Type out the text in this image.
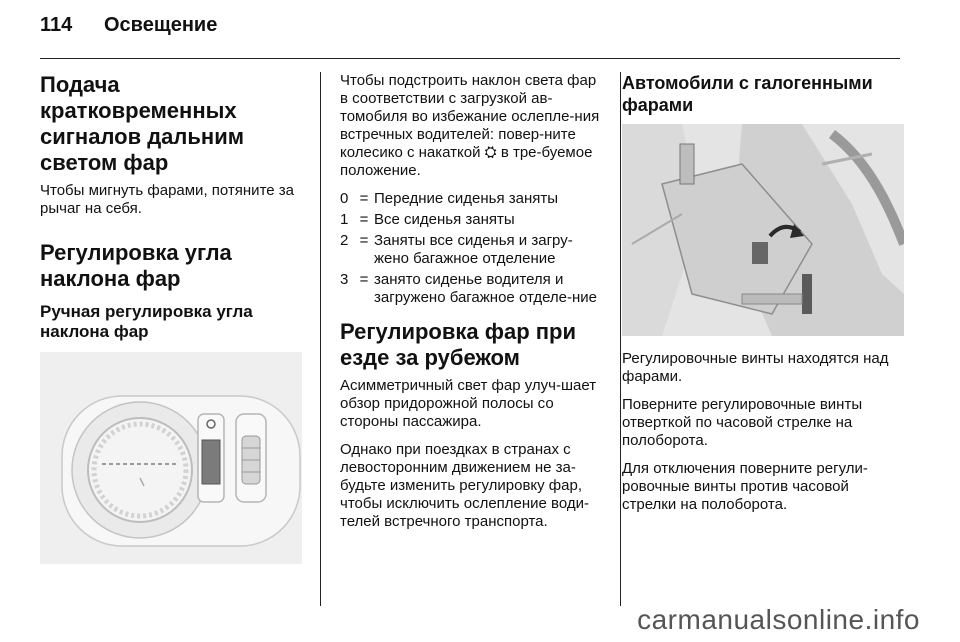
114 Освещение
Подача кратковременных сигналов дальним светом фар
Чтобы мигнуть фарами, потяните за рычаг на себя.
Регулировка угла наклона фар
Ручная регулировка угла наклона фар
Чтобы подстроить наклон света фар в соответствии с загрузкой ав-томобиля во избежание ослепле-ния встречных водителей: повер-ните колесико с накаткой ⛭ в тре-буемое положение.
0 = Передние сиденья заняты
1 = Все сиденья заняты
2 = Заняты все сиденья и загру-жено багажное отделение
3 = занято сиденье водителя и загружено багажное отделе-ние
Регулировка фар при езде за рубежом
Асимметричный свет фар улуч-шает обзор придорожной полосы со стороны пассажира.
Однако при поездках в странах с левосторонним движением не за-будьте изменить регулировку фар, чтобы исключить ослепление води-телей встречного транспорта.
Автомобили с галогенными фарами
Регулировочные винты находятся над фарами.
Поверните регулировочные винты отверткой по часовой стрелке на полоборота.
Для отключения поверните регули-ровочные винты против часовой стрелки на полоборота.
carmanualsonline.info
